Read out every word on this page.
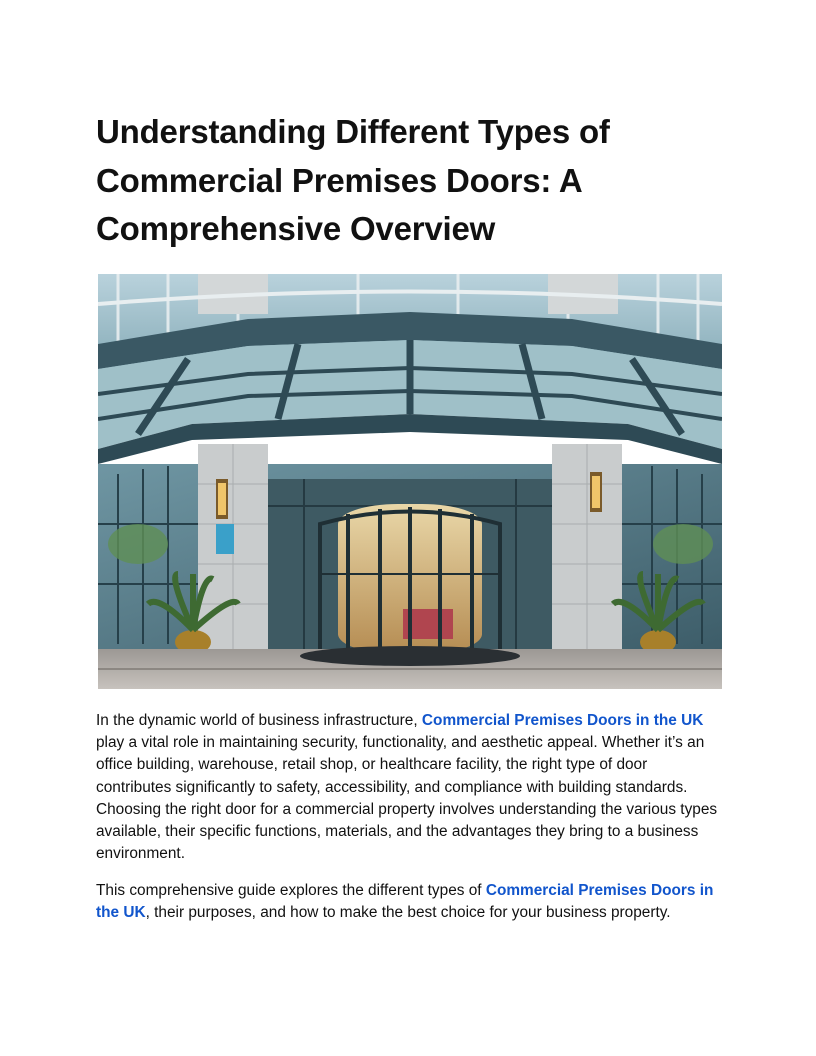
Understanding Different Types of Commercial Premises Doors: A Comprehensive Overview

In the dynamic world of business infrastructure, Commercial Premises Doors in the UK play a vital role in maintaining security, functionality, and aesthetic appeal. Whether it’s an office building, warehouse, retail shop, or healthcare facility, the right type of door contributes significantly to safety, accessibility, and compliance with building standards. Choosing the right door for a commercial property involves understanding the various types available, their specific functions, materials, and the advantages they bring to a business environment.

This comprehensive guide explores the different types of Commercial Premises Doors in the UK, their purposes, and how to make the best choice for your business property.
